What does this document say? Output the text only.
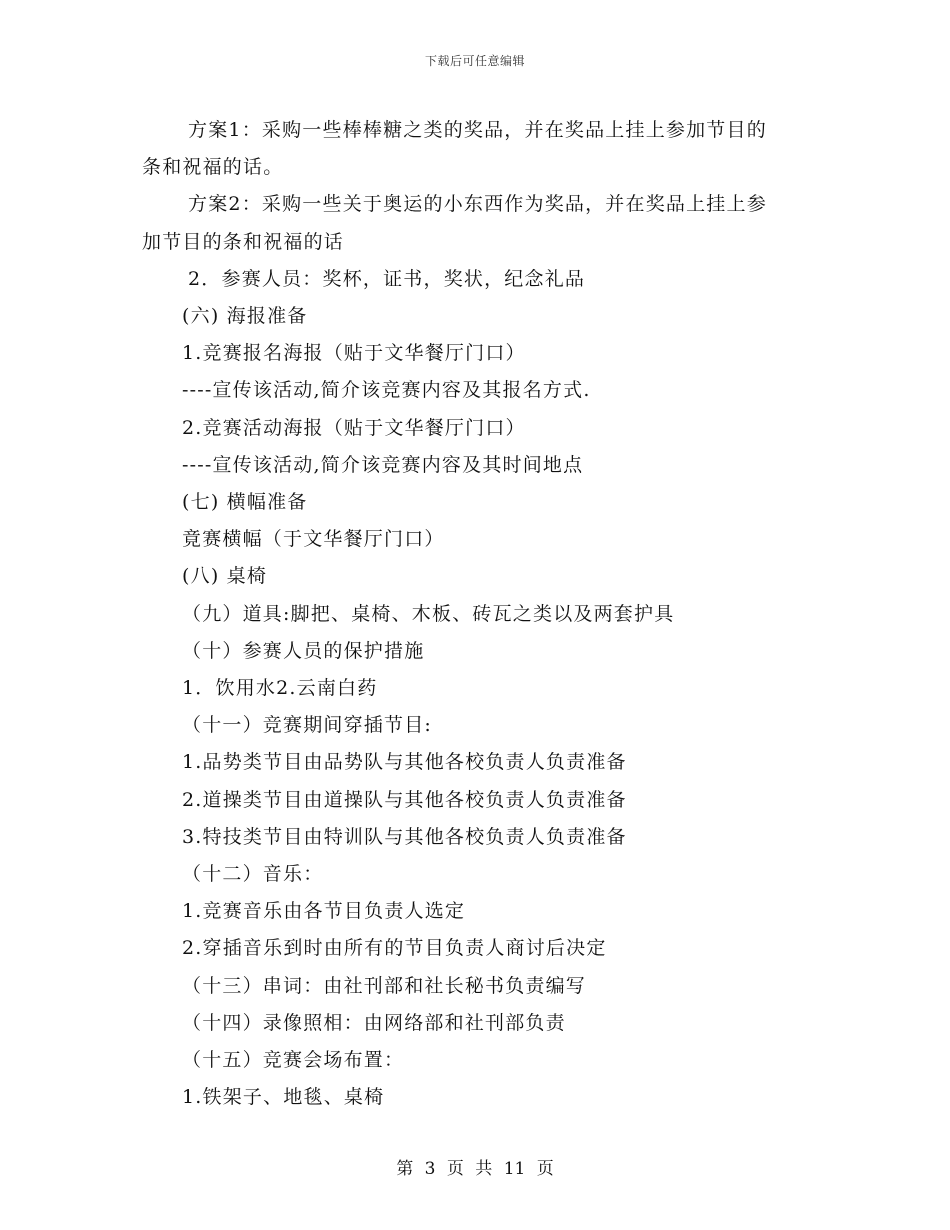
下载后可任意编辑
方案1：采购一些棒棒糖之类的奖品，并在奖品上挂上参加节目的
条和祝福的话。
方案2：采购一些关于奥运的小东西作为奖品，并在奖品上挂上参
加节目的条和祝福的话
2．参赛人员：奖杯，证书，奖状，纪念礼品
(六) 海报准备
1.竞赛报名海报（贴于文华餐厅门口）
----宣传该活动,简介该竞赛内容及其报名方式.
2.竞赛活动海报（贴于文华餐厅门口）
----宣传该活动,简介该竞赛内容及其时间地点
(七) 横幅准备
竟赛横幅（于文华餐厅门口）
(八) 桌椅
（九）道具:脚把、桌椅、木板、砖瓦之类以及两套护具
（十）参赛人员的保护措施
1．饮用水2.云南白药
（十一）竞赛期间穿插节目:
1.品势类节目由品势队与其他各校负责人负责准备
2.道操类节目由道操队与其他各校负责人负责准备
3.特技类节目由特训队与其他各校负责人负责准备
（十二）音乐：
1.竞赛音乐由各节目负责人选定
2.穿插音乐到时由所有的节目负责人商讨后决定
（十三）串词：由社刊部和社长秘书负责编写
（十四）录像照相：由网络部和社刊部负责
（十五）竞赛会场布置：
1.铁架子、地毯、桌椅
第 3 页 共 11 页
